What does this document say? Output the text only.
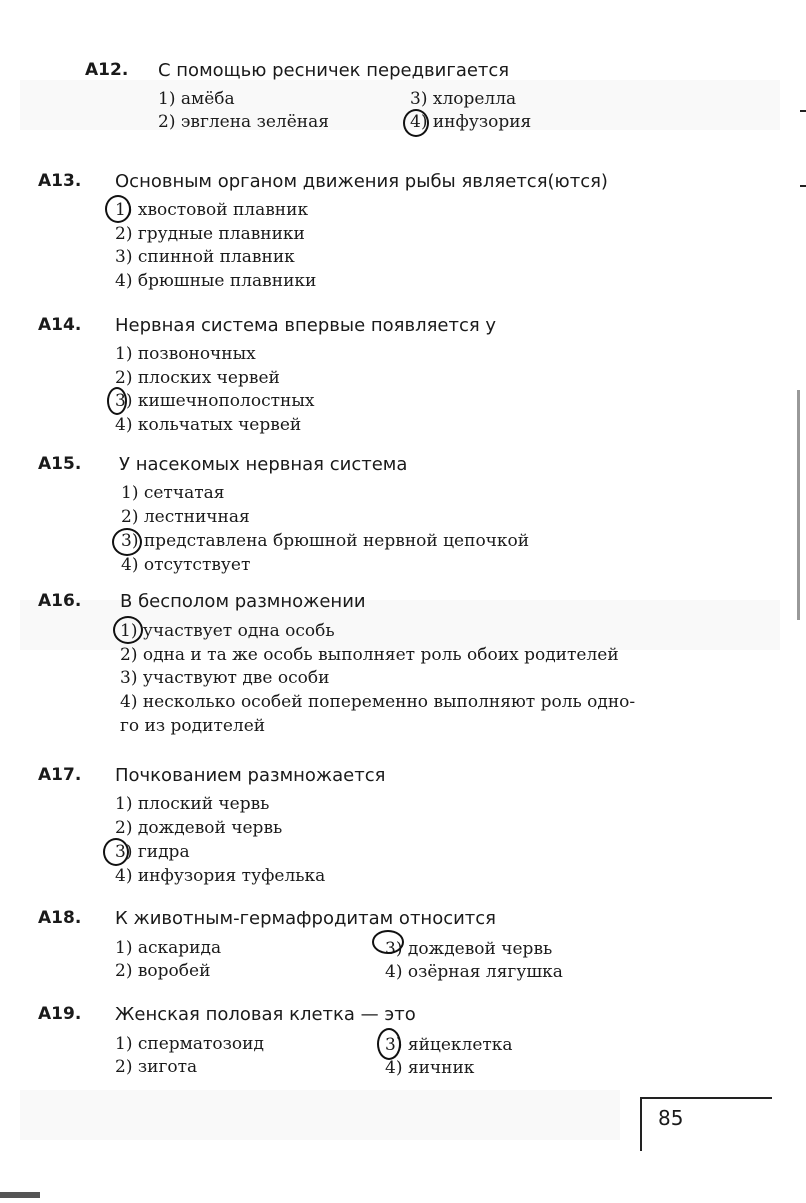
А12. С помощью ресничек передвигается
1) амёба
2) эвглена зелёная
3) хлорелла
4) инфузория
А13. Основным органом движения рыбы является(ются)
1) хвостовой плавник
2) грудные плавники
3) спинной плавник
4) брюшные плавники
А14. Нервная система впервые появляется у
1) позвоночных
2) плоских червей
3) кишечнополостных
4) кольчатых червей
А15. У насекомых нервная система
1) сетчатая
2) лестничная
3) представлена брюшной нервной цепочкой
4) отсутствует
А16. В бесполом размножении
1) участвует одна особь
2) одна и та же особь выполняет роль обоих родителей
3) участвуют две особи
4) несколько особей попеременно выполняют роль одно-
го из родителей
А17. Почкованием размножается
1) плоский червь
2) дождевой червь
3) гидра
4) инфузория туфелька
А18. К животным-гермафродитам относится
1) аскарида
2) воробей
3) дождевой червь
4) озёрная лягушка
А19. Женская половая клетка — это
1) сперматозоид
2) зигота
3) яйцеклетка
4) яичник
85
